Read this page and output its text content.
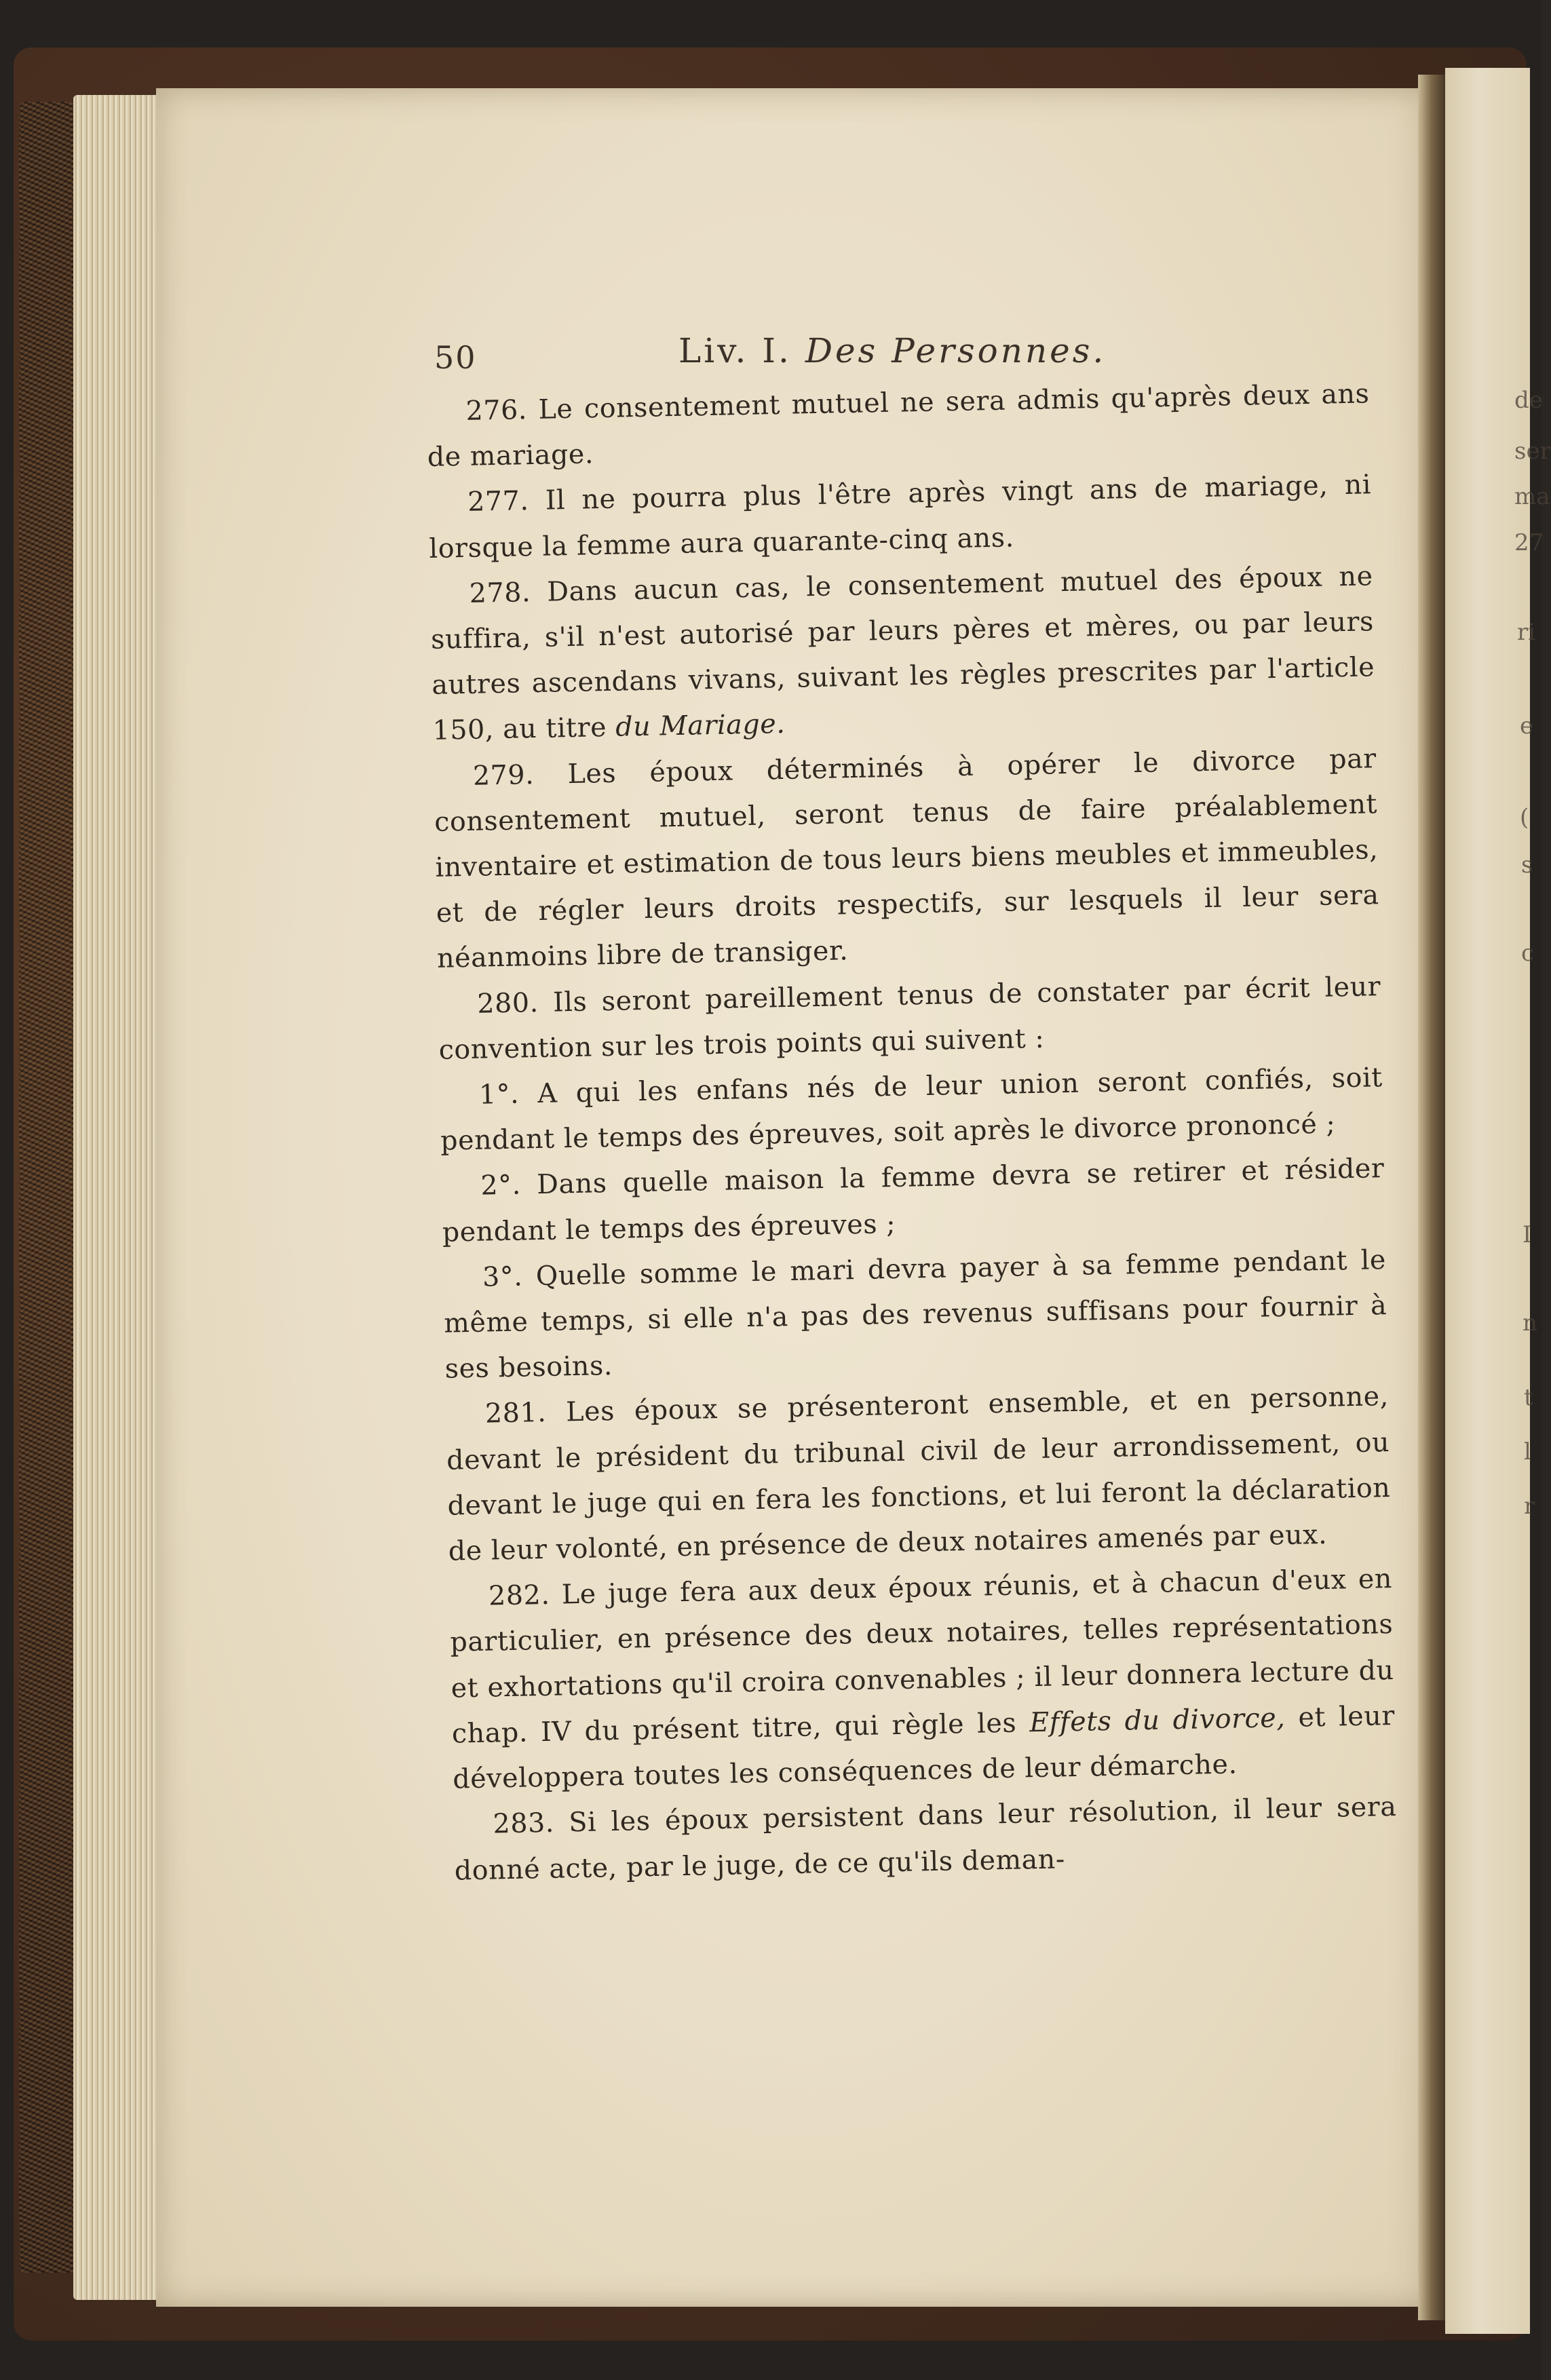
de
ser
ma
27
ri
e
(
s
c
I
n
t
l
r
50	Liv. I. Des Personnes.

276. Le consentement mutuel ne sera admis qu'après deux ans de mariage.

277. Il ne pourra plus l'être après vingt ans de mariage, ni lorsque la femme aura quarante-cinq ans.

278. Dans aucun cas, le consentement mutuel des époux ne suffira, s'il n'est autorisé par leurs pères et mères, ou par leurs autres ascendans vivans, suivant les règles prescrites par l'article 150, au titre du Mariage.

279. Les époux déterminés à opérer le divorce par consentement mutuel, seront tenus de faire préalablement inventaire et estimation de tous leurs biens meubles et immeubles, et de régler leurs droits respectifs, sur lesquels il leur sera néanmoins libre de transiger.

280. Ils seront pareillement tenus de constater par écrit leur convention sur les trois points qui suivent :

1°. A qui les enfans nés de leur union seront confiés, soit pendant le temps des épreuves, soit après le divorce prononcé ;

2°. Dans quelle maison la femme devra se retirer et résider pendant le temps des épreuves ;

3°. Quelle somme le mari devra payer à sa femme pendant le même temps, si elle n'a pas des revenus suffisans pour fournir à ses besoins.

281. Les époux se présenteront ensemble, et en personne, devant le président du tribunal civil de leur arrondissement, ou devant le juge qui en fera les fonctions, et lui feront la déclaration de leur volonté, en présence de deux notaires amenés par eux.

282. Le juge fera aux deux époux réunis, et à chacun d'eux en particulier, en présence des deux notaires, telles représentations et exhortations qu'il croira convenables ; il leur donnera lecture du chap. IV du présent titre, qui règle les Effets du divorce, et leur développera toutes les conséquences de leur démarche.

283. Si les époux persistent dans leur résolution, il leur sera donné acte, par le juge, de ce qu'ils deman-
